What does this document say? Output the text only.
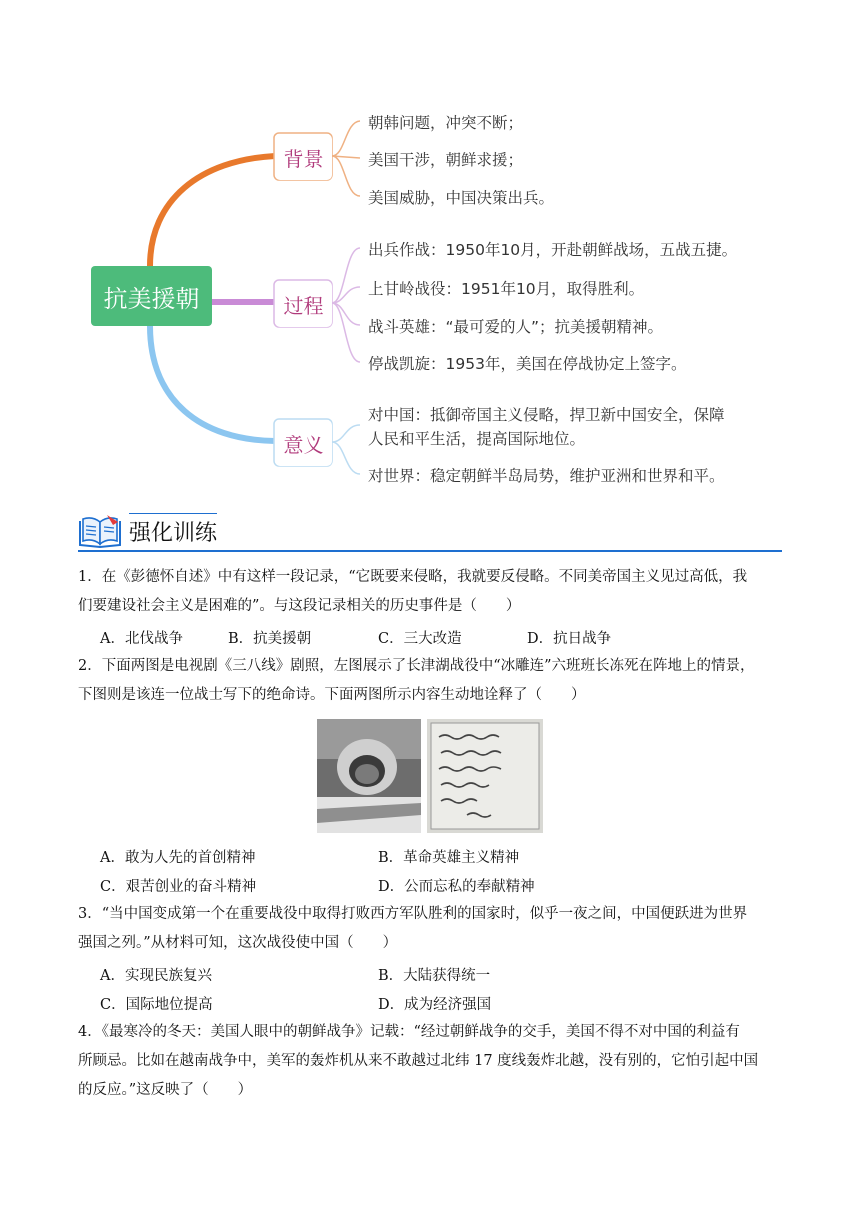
抗美援朝
背景
过程
意义
朝韩问题，冲突不断；
美国干涉，朝鲜求援；
美国威胁，中国决策出兵。
出兵作战：1950年10月，开赴朝鲜战场，五战五捷。
上甘岭战役：1951年10月，取得胜利。
战斗英雄：“最可爱的人”；抗美援朝精神。
停战凯旋：1953年，美国在停战协定上签字。
对中国：抵御帝国主义侵略，捍卫新中国安全，保障
人民和平生活，提高国际地位。
对世界：稳定朝鲜半岛局势，维护亚洲和世界和平。
强化训练
1．在《彭德怀自述》中有这样一段记录，“它既要来侵略，我就要反侵略。不同美帝国主义见过高低，我
们要建设社会主义是困难的”。与这段记录相关的历史事件是（　　）
A．北伐战争	B．抗美援朝	C．三大改造	D．抗日战争
2．下面两图是电视剧《三八线》剧照，左图展示了长津湖战役中“冰雕连”六班班长冻死在阵地上的情景，
下图则是该连一位战士写下的绝命诗。下面两图所示内容生动地诠释了（　　）
A．敢为人先的首创精神	B．革命英雄主义精神
C．艰苦创业的奋斗精神	D．公而忘私的奉献精神
3．“当中国变成第一个在重要战役中取得打败西方军队胜利的国家时，似乎一夜之间，中国便跃进为世界
强国之列。”从材料可知，这次战役使中国（　　）
A．实现民族复兴	B．大陆获得统一
C．国际地位提高	D．成为经济强国
4．《最寒冷的冬天：美国人眼中的朝鲜战争》记载：“经过朝鲜战争的交手，美国不得不对中国的利益有
所顾忌。比如在越南战争中，美军的轰炸机从来不敢越过北纬 17 度线轰炸北越，没有别的，它怕引起中国
的反应。”这反映了（　　）
